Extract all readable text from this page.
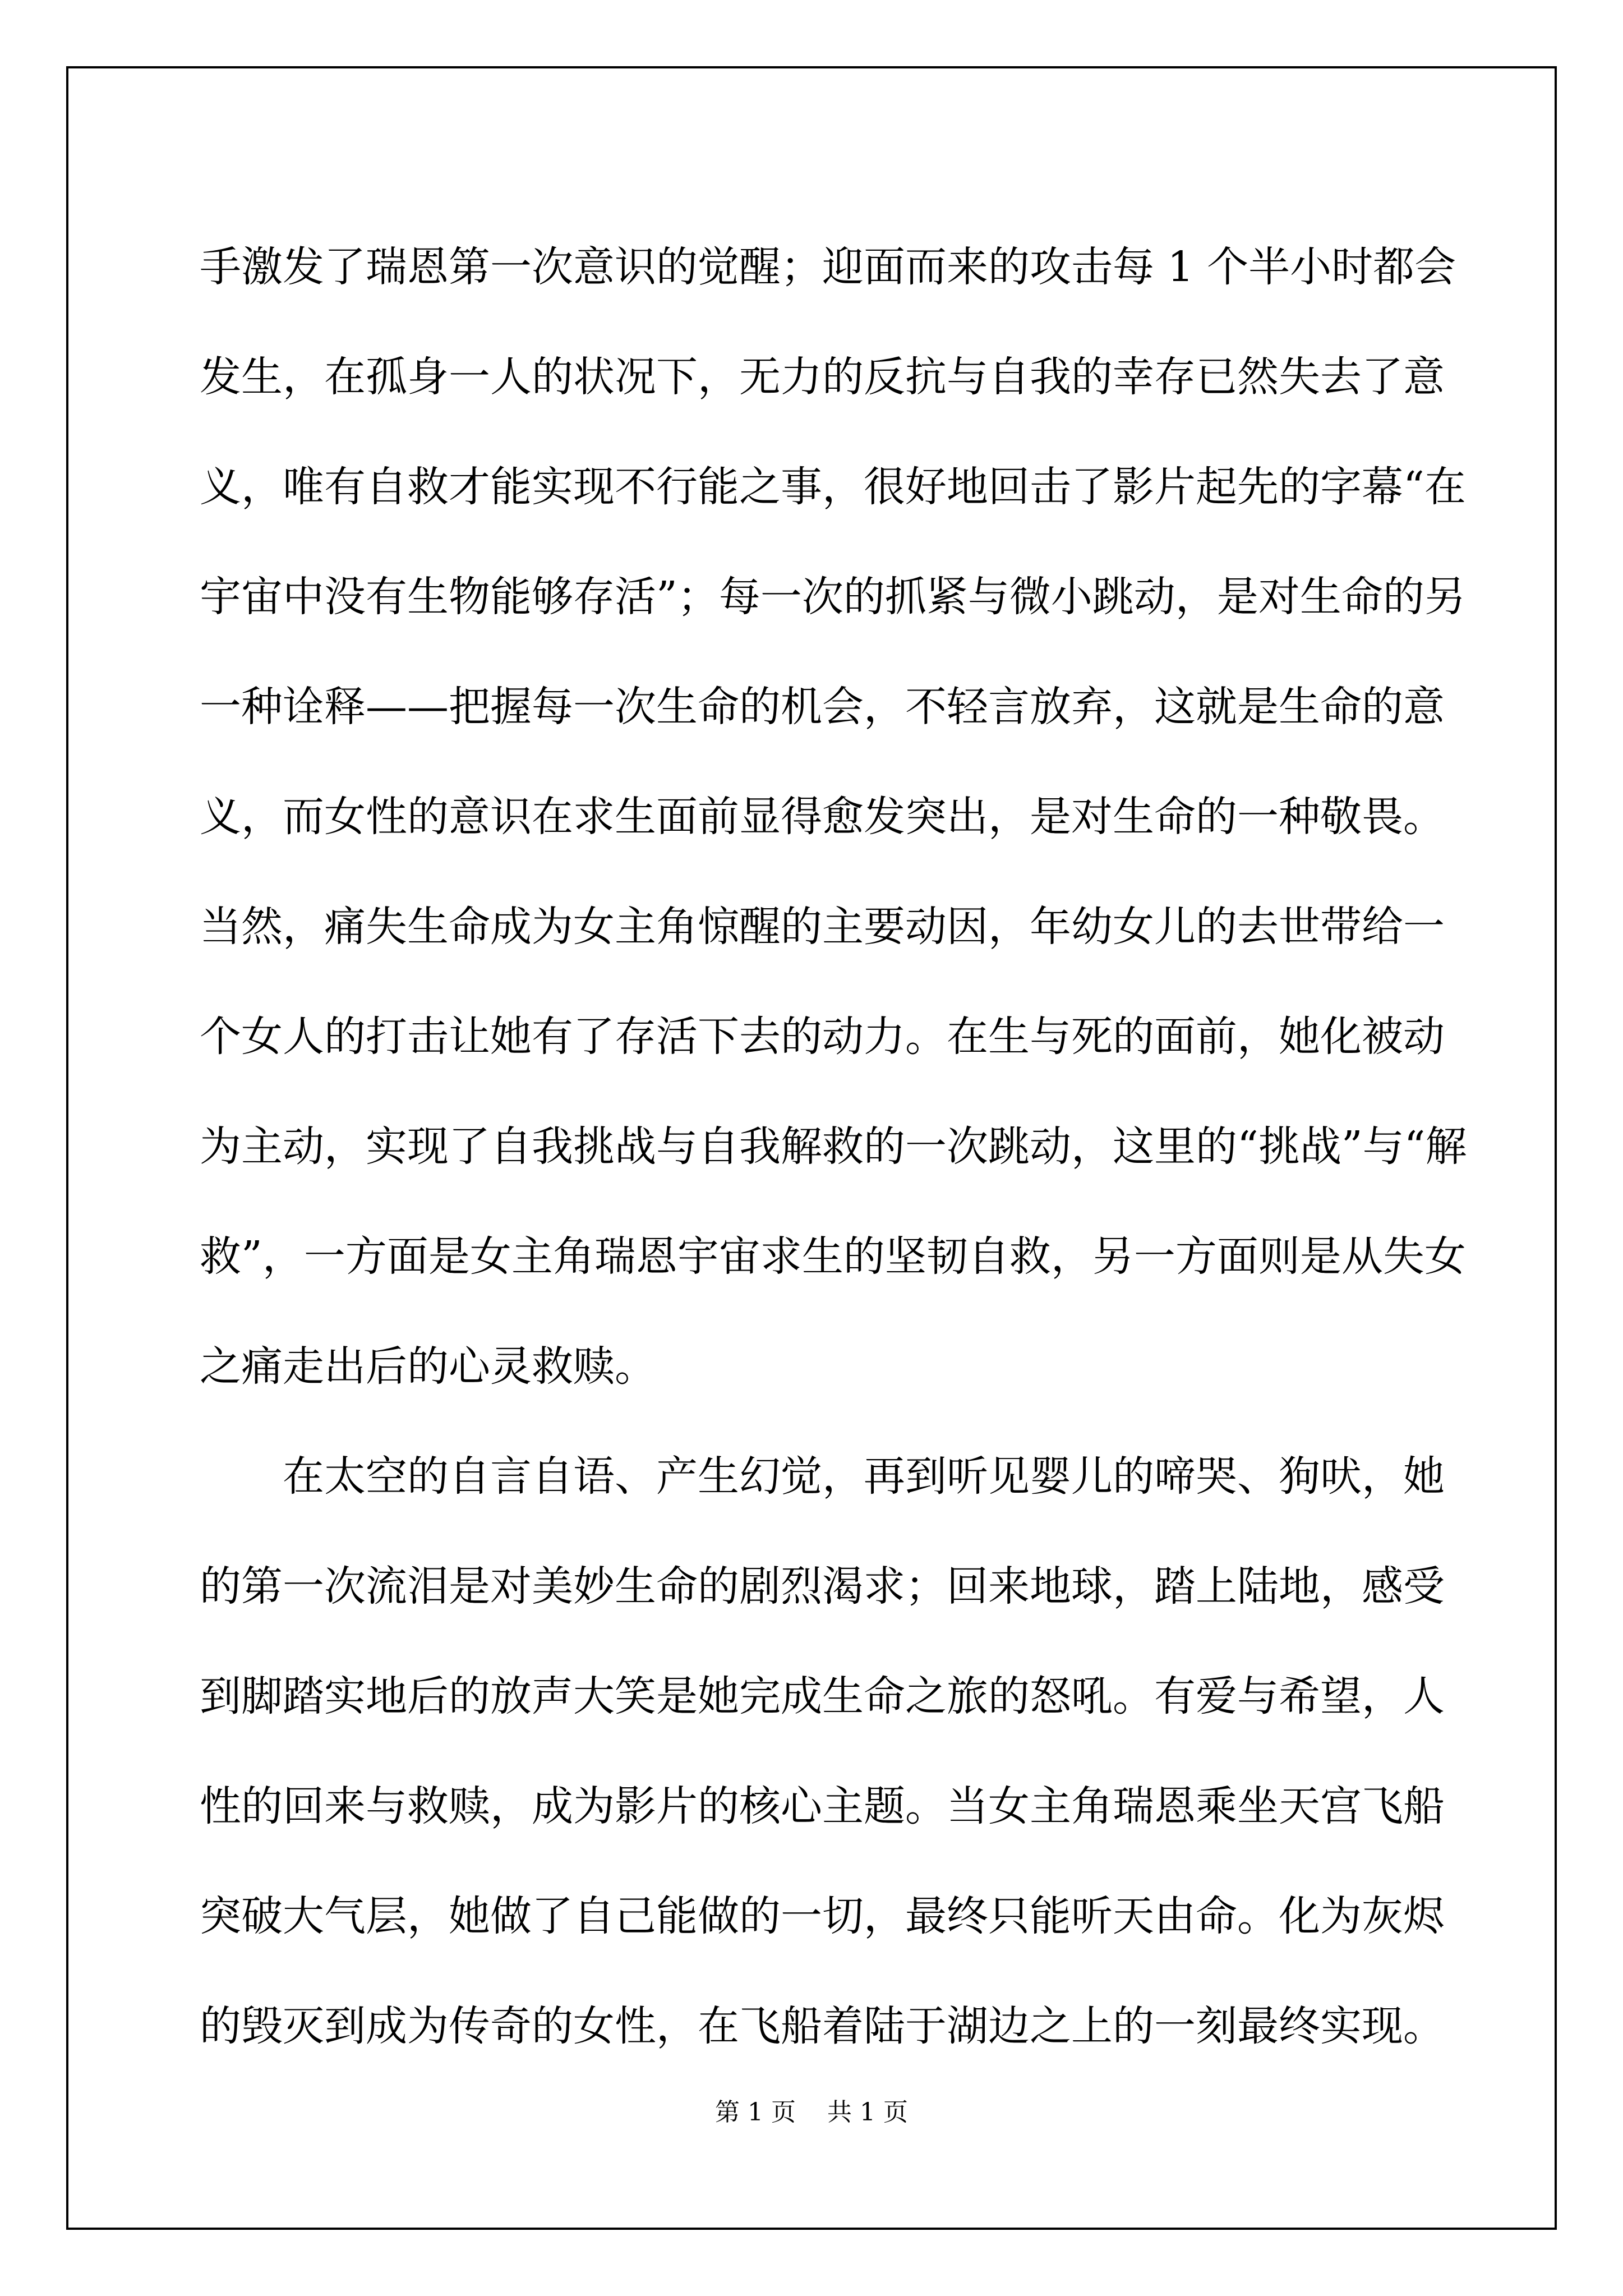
手激发了瑞恩第一次意识的觉醒；迎面而来的攻击每 1 个半小时都会
发生，在孤身一人的状况下，无力的反抗与自我的幸存已然失去了意
义，唯有自救才能实现不行能之事，很好地回击了影片起先的字幕“在
宇宙中没有生物能够存活”；每一次的抓紧与微小跳动，是对生命的另
一种诠释——把握每一次生命的机会，不轻言放弃，这就是生命的意
义，而女性的意识在求生面前显得愈发突出，是对生命的一种敬畏。
当然，痛失生命成为女主角惊醒的主要动因，年幼女儿的去世带给一
个女人的打击让她有了存活下去的动力。在生与死的面前，她化被动
为主动，实现了自我挑战与自我解救的一次跳动，这里的“挑战”与“解
救”，一方面是女主角瑞恩宇宙求生的坚韧自救，另一方面则是从失女
之痛走出后的心灵救赎。
在太空的自言自语、产生幻觉，再到听见婴儿的啼哭、狗吠，她
的第一次流泪是对美妙生命的剧烈渴求；回来地球，踏上陆地，感受
到脚踏实地后的放声大笑是她完成生命之旅的怒吼。有爱与希望，人
性的回来与救赎，成为影片的核心主题。当女主角瑞恩乘坐天宫飞船
突破大气层，她做了自己能做的一切，最终只能听天由命。化为灰烬
的毁灭到成为传奇的女性，在飞船着陆于湖边之上的一刻最终实现。
第 1 页 共 1 页
